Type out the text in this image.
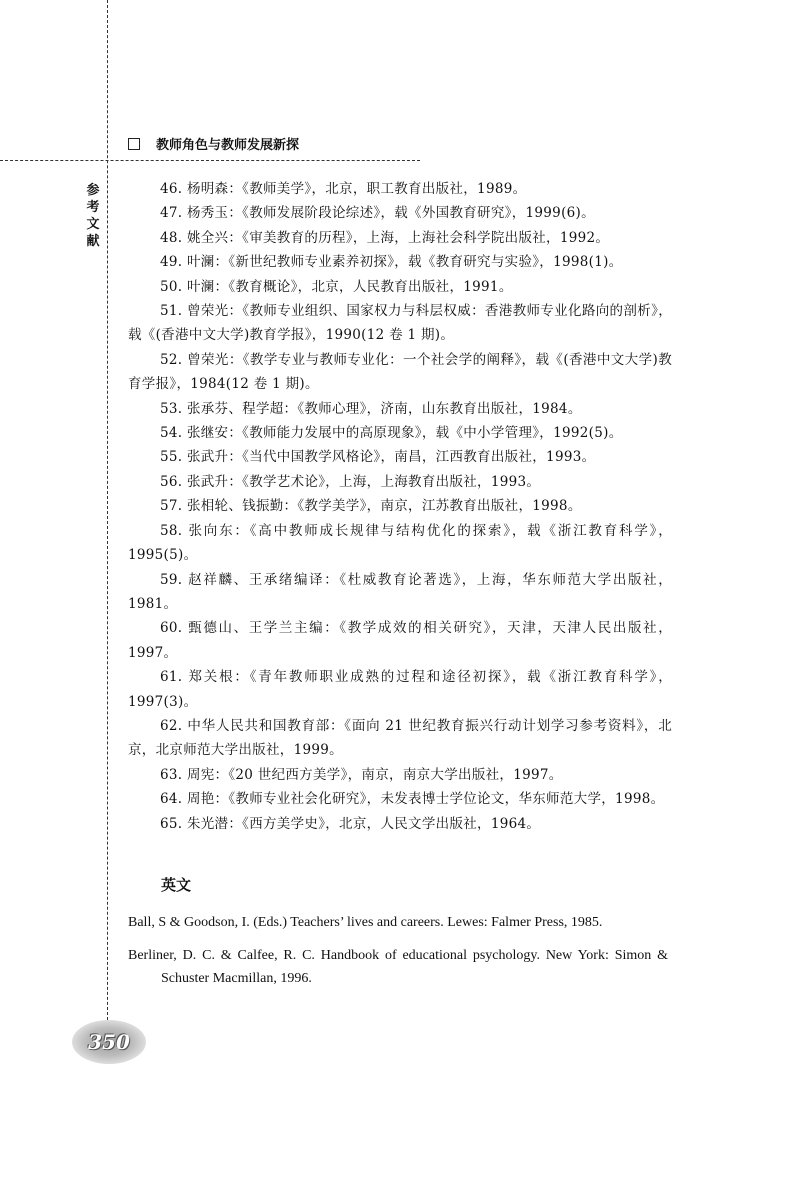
教师角色与教师发展新探
参考文献

46. 杨明森：《教师美学》，北京，职工教育出版社，1989。

47. 杨秀玉：《教师发展阶段论综述》，载《外国教育研究》，1999(6)。

48. 姚全兴：《审美教育的历程》，上海，上海社会科学院出版社，1992。

49. 叶澜：《新世纪教师专业素养初探》，载《教育研究与实验》，1998(1)。

50. 叶澜：《教育概论》，北京，人民教育出版社，1991。

51. 曾荣光：《教师专业组织、国家权力与科层权威：香港教师专业化路向的剖析》，载《(香港中文大学)教育学报》，1990(12 卷 1 期)。

52. 曾荣光：《教学专业与教师专业化：一个社会学的阐释》，载《(香港中文大学)教育学报》，1984(12 卷 1 期)。

53. 张承芬、程学超：《教师心理》，济南，山东教育出版社，1984。

54. 张继安：《教师能力发展中的高原现象》，载《中小学管理》，1992(5)。

55. 张武升：《当代中国教学风格论》，南昌，江西教育出版社，1993。

56. 张武升：《教学艺术论》，上海，上海教育出版社，1993。

57. 张相轮、钱振勤：《教学美学》，南京，江苏教育出版社，1998。

58. 张向东：《高中教师成长规律与结构优化的探索》，载《浙江教育科学》，1995(5)。

59. 赵祥麟、王承绪编译：《杜威教育论著选》，上海，华东师范大学出版社，1981。

60. 甄德山、王学兰主编：《教学成效的相关研究》，天津，天津人民出版社，1997。

61. 郑关根：《青年教师职业成熟的过程和途径初探》，载《浙江教育科学》，1997(3)。

62. 中华人民共和国教育部：《面向 21 世纪教育振兴行动计划学习参考资料》，北京，北京师范大学出版社，1999。

63. 周宪：《20 世纪西方美学》，南京，南京大学出版社，1997。

64. 周艳：《教师专业社会化研究》，未发表博士学位论文，华东师范大学，1998。

65. 朱光潜：《西方美学史》，北京，人民文学出版社，1964。

英文

Ball, S & Goodson, I. (Eds.) Teachers’ lives and careers. Lewes: Falmer Press, 1985.

Berliner, D. C. & Calfee, R. C. Handbook of educational psychology. New York: Simon & Schuster Macmillan, 1996.

350
